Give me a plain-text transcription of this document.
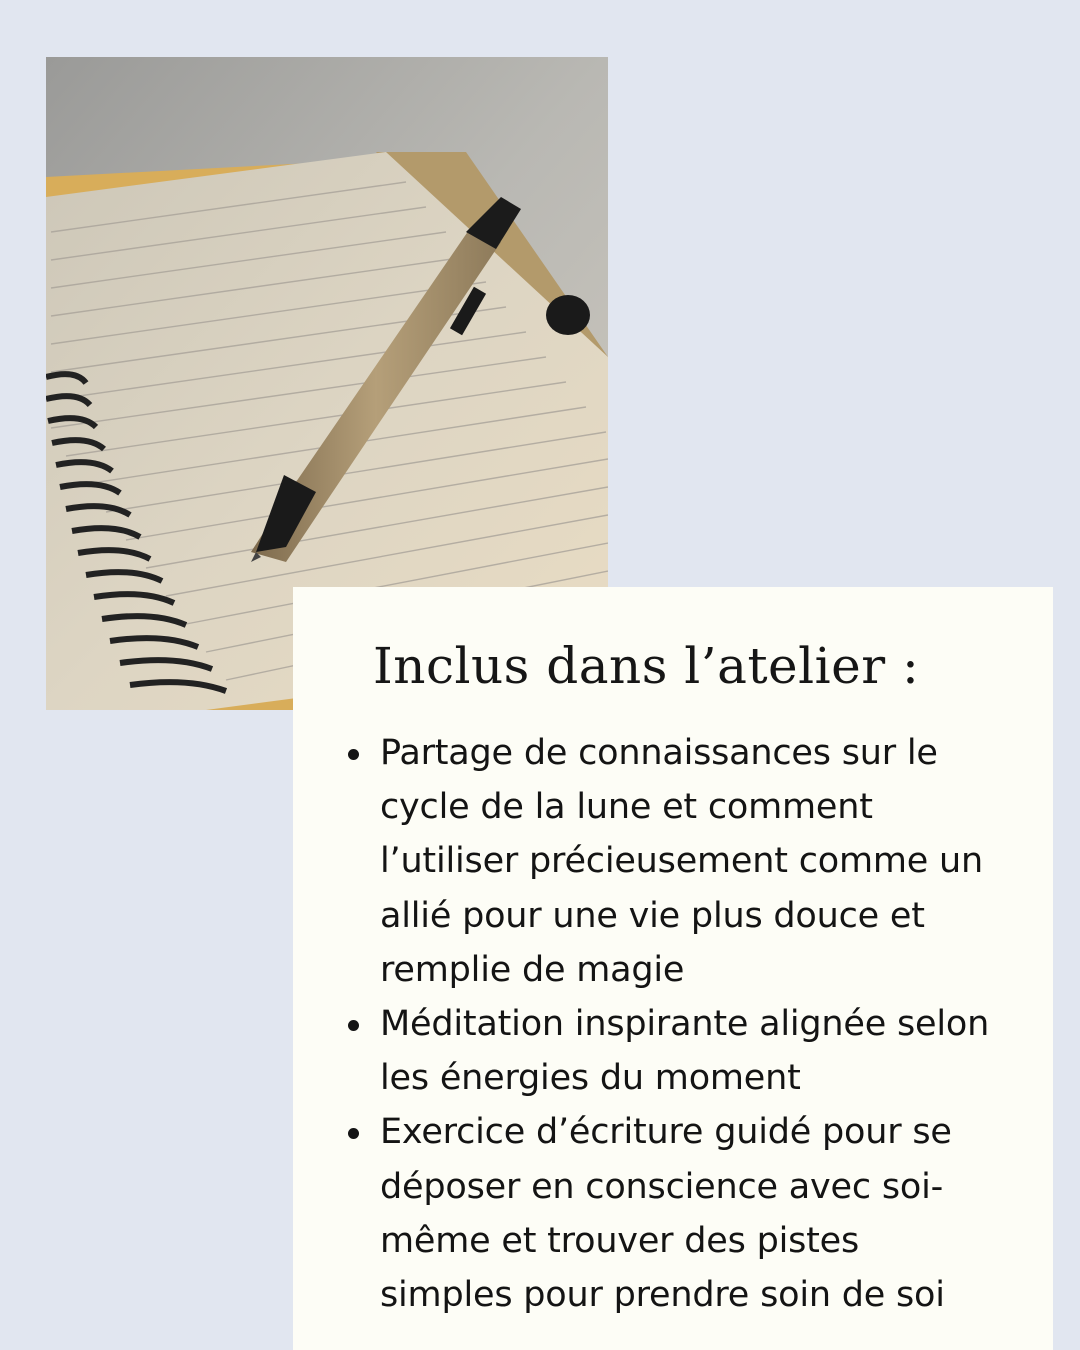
Inclus dans l’atelier :
Partage de connaissances sur le
cycle de la lune et comment
l’utiliser précieusement comme un
allié pour une vie plus douce et
remplie de magie
Méditation inspirante alignée selon
les énergies du moment
Exercice d’écriture guidé pour se
déposer en conscience avec soi-
même et trouver des pistes
simples pour prendre soin de soi
